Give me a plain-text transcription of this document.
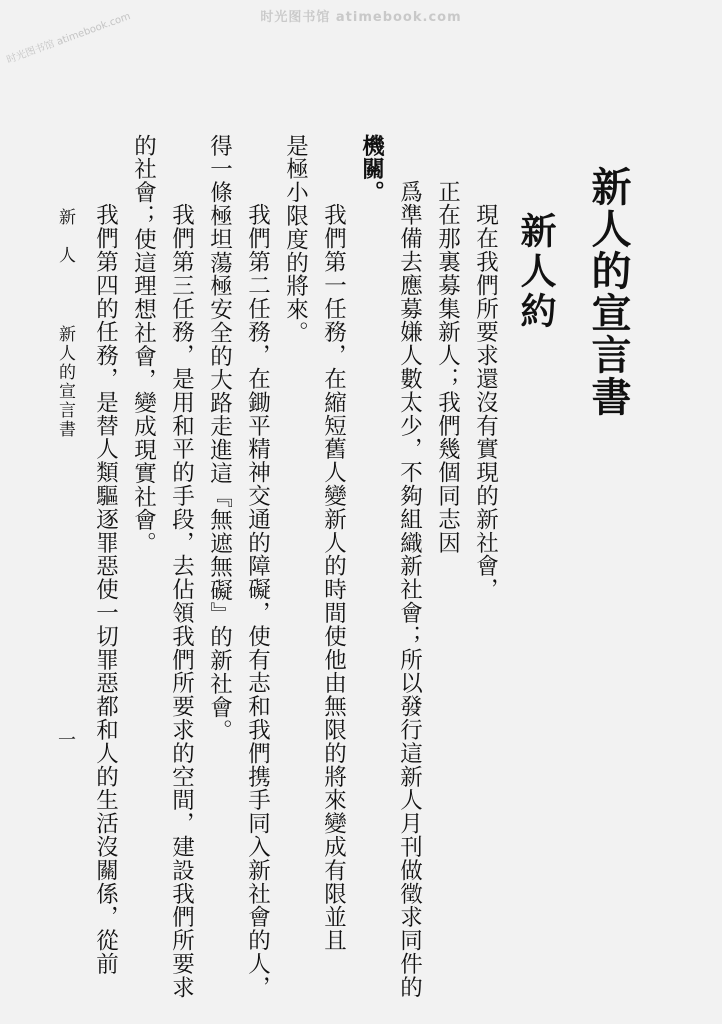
时光图书馆 atimebook.com
时光图书馆 atimebook.com
新人的宣言書
新人約
　現在我們所要求還沒有實現的新社會，
正在那裏募集新人；我們幾個同志因
爲準備去應募嫌人數太少，不夠組織新社會；所以發行這新人月刊做徵求同件的
機關。
　我們第一任務，在縮短舊人變新人的時間使他由無限的將來變成有限並且
是極小限度的將來。
　我們第二任務，在鋤平精神交通的障礙，使有志和我們携手同入新社會的人，
得一條極坦蕩極安全的大路走進這『無遮無礙』的新社會。
　我們第三任務，是用和平的手段，去佔領我們所要求的空間，建設我們所要求
的社會；使這理想社會，變成現實社會。
　我們第四的任務，是替人類驅逐罪惡使一切罪惡都和人的生活沒關係，從前
新　人
新人的宣言書
一
